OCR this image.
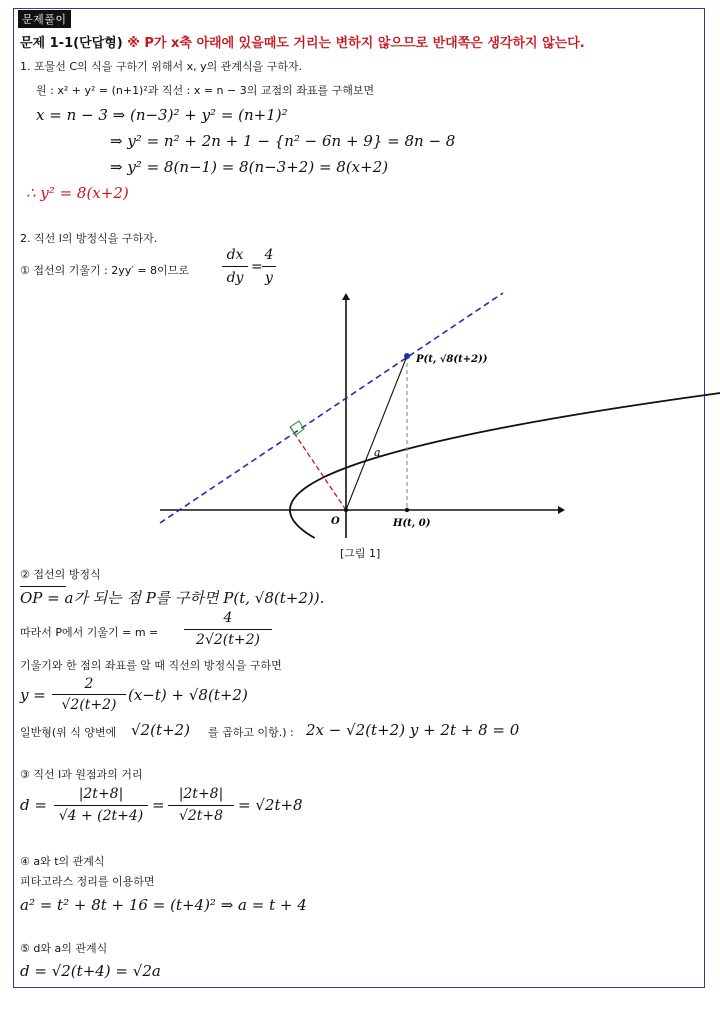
문제풀이
문제 1-1(단답형) ※ P가 x축 아래에 있을때도 거리는 변하지 않으므로 반대쪽은 생각하지 않는다.
1. 포물선 C의 식을 구하기 위해서 x, y의 관계식을 구하자.
원 : x² + y² = (n+1)²과 직선 : x = n − 3의 교점의 좌표를 구해보면
x = n − 3 ⇒ (n−3)² + y² = (n+1)²
⇒ y² = n² + 2n + 1 − {n² − 6n + 9} = 8n − 8
⇒ y² = 8(n−1) = 8(n−3+2) = 8(x+2)
∴ y² = 8(x+2)
2. 직선 l의 방정식을 구하자.
① 접선의 기울기 : 2yy′ = 8이므로
dx
dy
=
4
y
P(t, √8(t+2))
O	H(t, 0)
a
[그림 1]
② 접선의 방정식
OP = a가 되는 점 P를 구하면 P(t, √8(t+2)).
따라서 P에서 기울기 = m =
4
2√2(t+2)
기울기와 한 점의 좌표를 알 때 직선의 방정식을 구하면
y =
2
√2(t+2)
(x−t) + √8(t+2)
일반형(위 식 양변에 √2(t+2) 를 곱하고 이항.) : 2x − √2(t+2) y + 2t + 8 = 0
③ 직선 l과 원점과의 거리
d =
|2t+8|
√4 + (2t+4)
=
|2t+8|
√2t+8
= √2t+8
④ a와 t의 관계식
피타고라스 정리를 이용하면
a² = t² + 8t + 16 = (t+4)² ⇒ a = t + 4
⑤ d와 a의 관계식
d = √2(t+4) = √2a
